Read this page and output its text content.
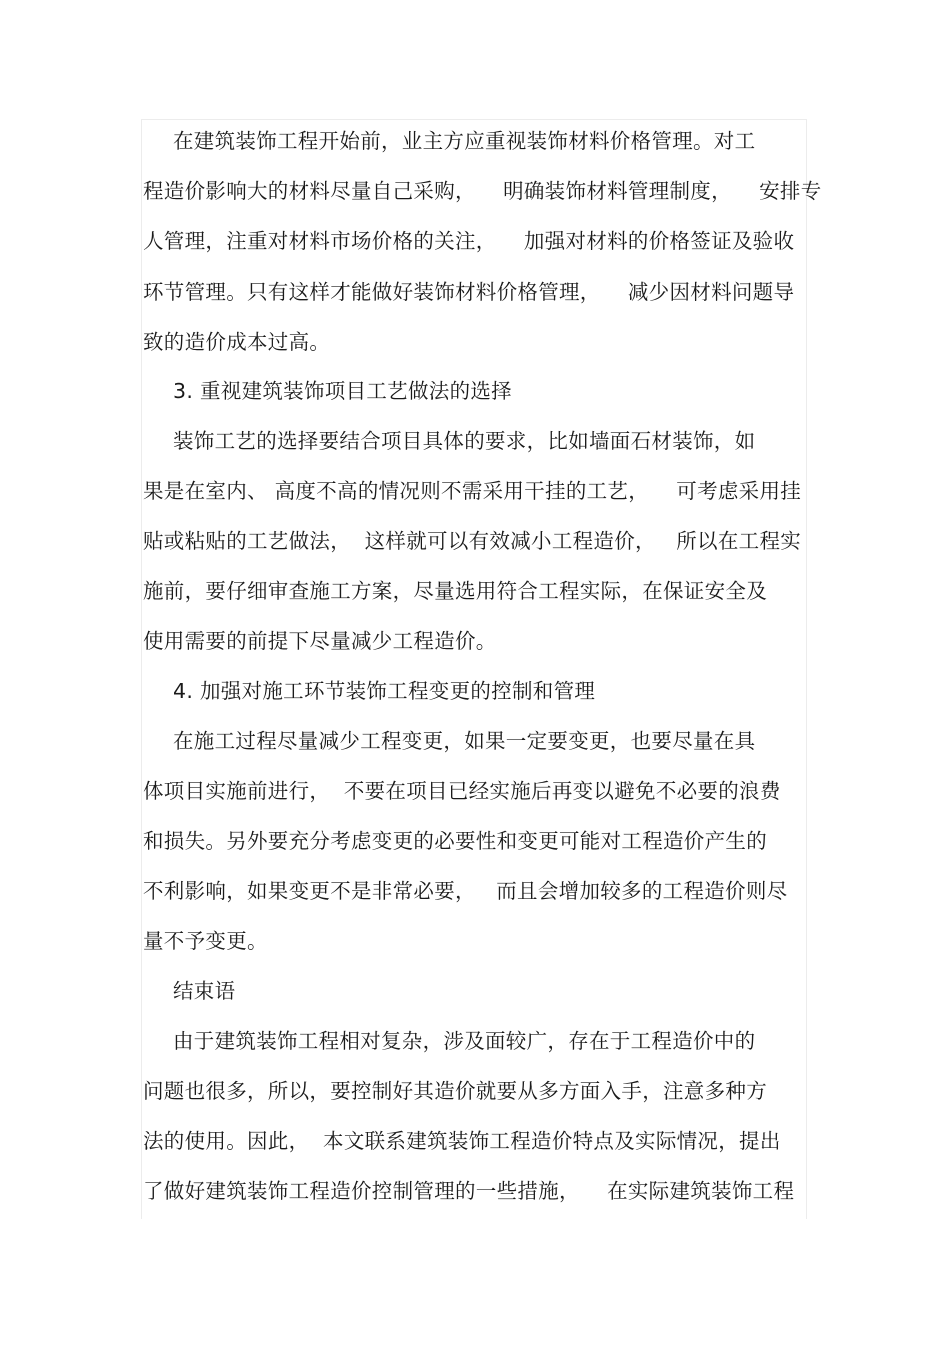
在建筑装饰工程开始前，业主方应重视装饰材料价格管理。对工
程造价影响大的材料尽量自己采购，    明确装饰材料管理制度，    安排专
人管理，注重对材料市场价格的关注，    加强对材料的价格签证及验收
环节管理。只有这样才能做好装饰材料价格管理，    减少因材料问题导
致的造价成本过高。
3. 重视建筑装饰项目工艺做法的选择
装饰工艺的选择要结合项目具体的要求，比如墙面石材装饰，如
果是在室内、 高度不高的情况则不需采用干挂的工艺，    可考虑采用挂
贴或粘贴的工艺做法，  这样就可以有效减小工程造价，   所以在工程实
施前，要仔细审查施工方案，尽量选用符合工程实际，在保证安全及
使用需要的前提下尽量减少工程造价。
4. 加强对施工环节装饰工程变更的控制和管理
在施工过程尽量减少工程变更，如果一定要变更，也要尽量在具
体项目实施前进行，  不要在项目已经实施后再变以避免不必要的浪费
和损失。另外要充分考虑变更的必要性和变更可能对工程造价产生的
不利影响，如果变更不是非常必要，   而且会增加较多的工程造价则尽
量不予变更。
结束语
由于建筑装饰工程相对复杂，涉及面较广，存在于工程造价中的
问题也很多，所以，要控制好其造价就要从多方面入手，注意多种方
法的使用。因此，  本文联系建筑装饰工程造价特点及实际情况，提出
了做好建筑装饰工程造价控制管理的一些措施，    在实际建筑装饰工程
